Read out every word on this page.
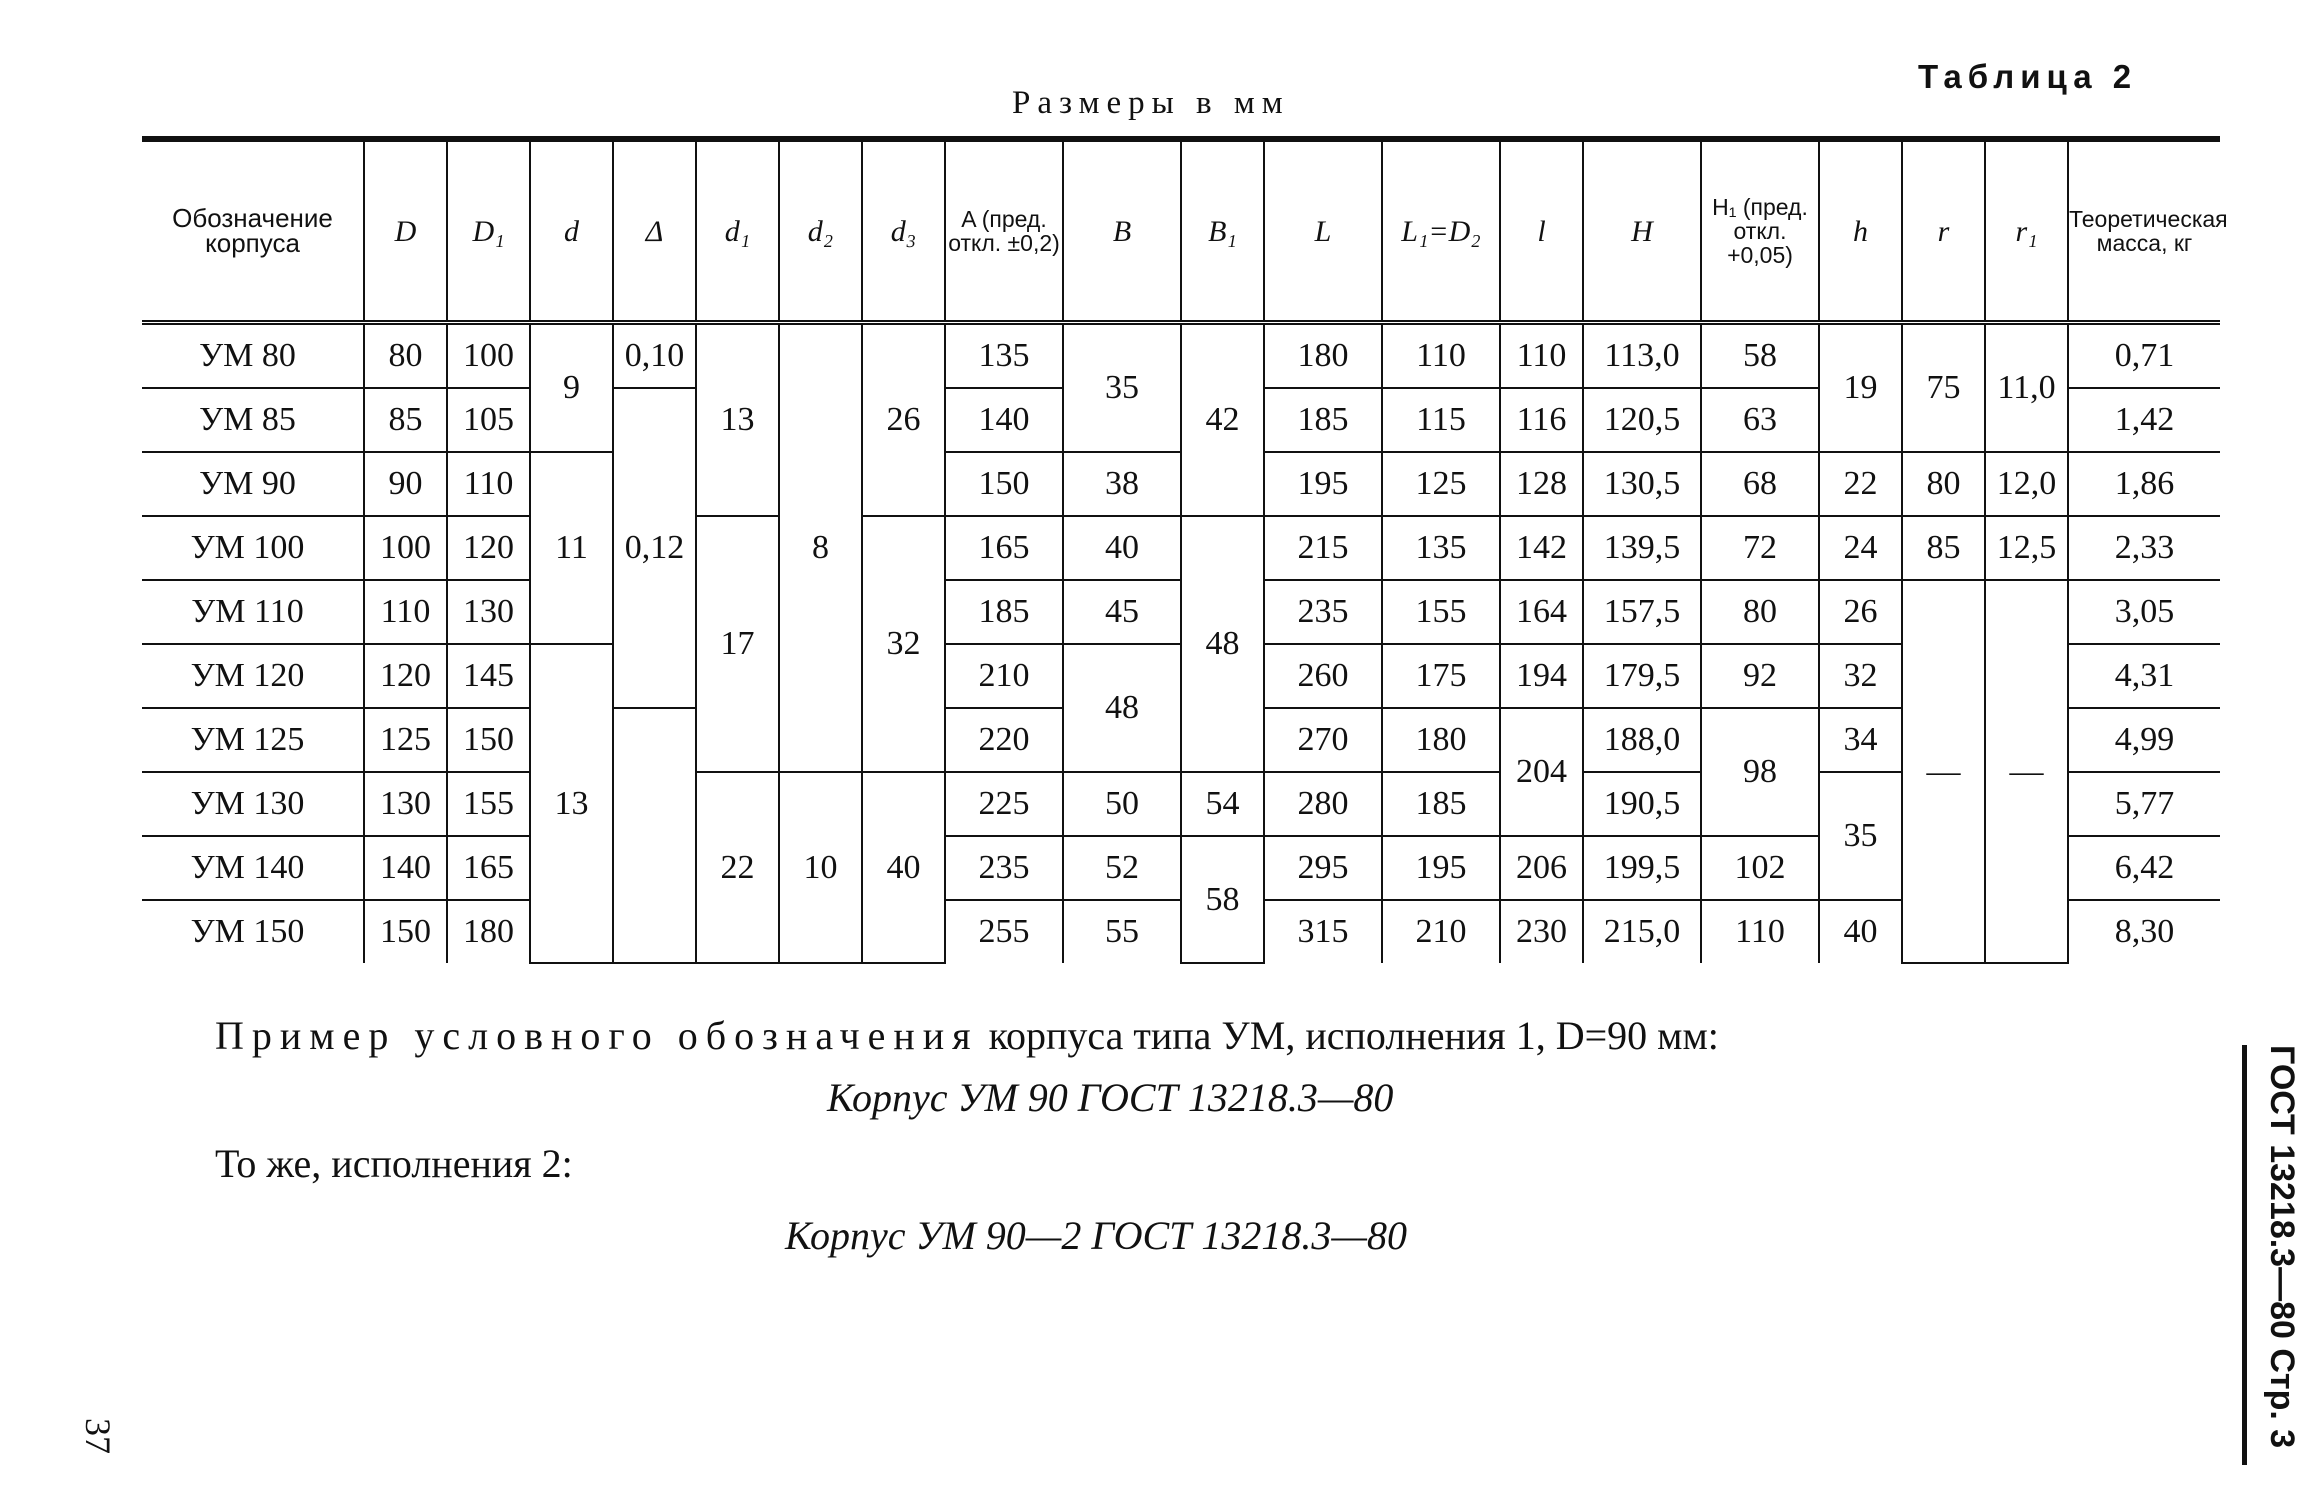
Таблица 2
Размеры в мм
Обозначение корпуса	D	D₁	d	Δ	d₁	d₂	d₃	A (пред. откл. ±0,2)	B	B₁	L	L₁=D₂	l	H	H₁ (пред. откл. +0,05)	h	r	r₁	Теоретическая масса, кг
УМ 80	80	100	9	0,10	13	8	26	135	35	42	180	110	110	113,0	58	19	75	11,0	0,71
УМ 85	85	105		0,12				140			185	115	116	120,5	63				1,42
УМ 90	90	110	11					150	38		195	125	128	130,5	68	22	80	12,0	1,86
УМ 100	100	120			17		32	165	40	48	215	135	142	139,5	72	24	85	12,5	2,33
УМ 110	110	130						185	45		235	155	164	157,5	80	26	—	—	3,05
УМ 120	120	145	13					210	48		260	175	194	179,5	92	32			4,31
УМ 125	125	150						220			270	180	204	188,0	98	34			4,99
УМ 130	130	155			22	10	40	225	50	54	280	185		190,5		35			5,77
УМ 140	140	165						235	52	58	295	195	206	199,5	102				6,42
УМ 150	150	180						255	55		315	210	230	215,0	110	40			8,30
Пример условного обозначения корпуса типа УМ, исполнения 1, D=90 мм:
Корпус УМ 90 ГОСТ 13218.3—80
То же, исполнения 2:
Корпус УМ 90—2 ГОСТ 13218.3—80	ГОСТ 13218.3—80 Стр. 3
37
